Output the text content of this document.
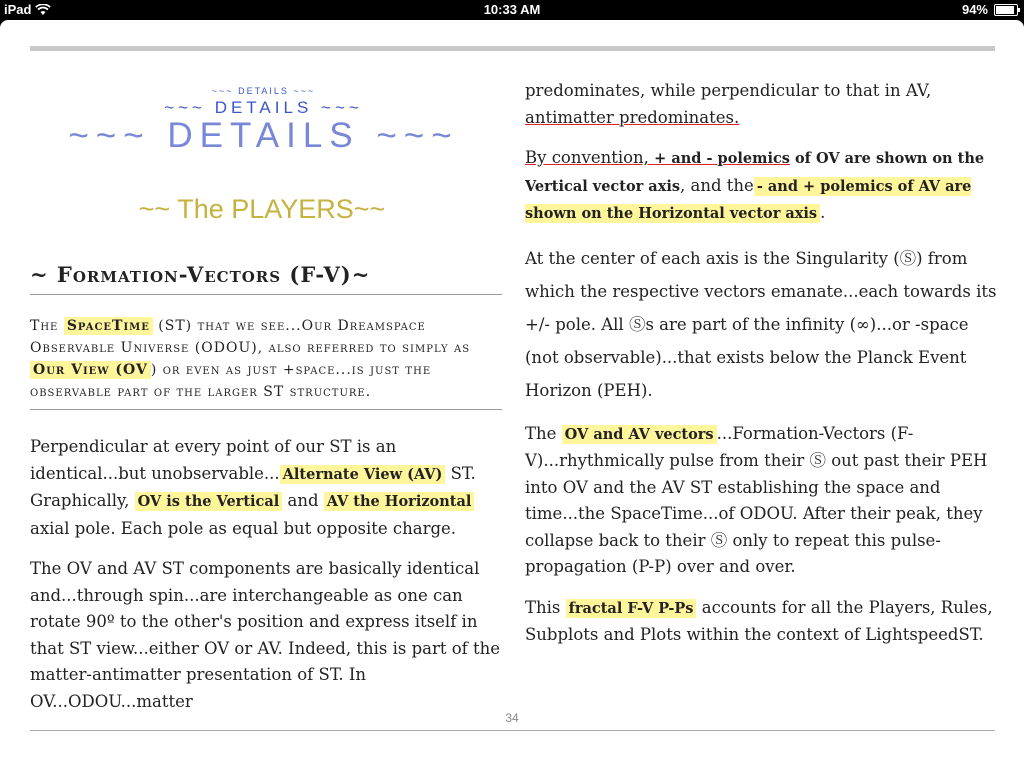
iPad	10:33 AM	94%
~~~ DETAILS ~~~
~~~ DETAILS ~~~
~~~ DETAILS ~~~
~~ The PLAYERS~~
~ Formation-Vectors (F-V)~
The SpaceTime (ST) that we see...Our Dreamspace Observable Universe (ODOU), also referred to simply as Our View (OV ) or even as just +space...is just the observable part of the larger ST structure.
Perpendicular at every point of our ST is an identical...but unobservable... Alternate View (AV) ST. Graphically, OV is the Vertical and AV the Horizontal axial pole. Each pole as equal but opposite charge.
The OV and AV ST components are basically identical and...through spin...are interchangeable as one can rotate 90º to the other's position and express itself in that ST view...either OV or AV. Indeed, this is part of the matter-antimatter presentation of ST. In OV...ODOU...matter
predominates, while perpendicular to that in AV, antimatter predominates.
By convention, + and - polemics of OV are shown on the Vertical vector axis, and the - and + polemics of AV are shown on the Horizontal vector axis .
At the center of each axis is the Singularity (Ⓢ) from which the respective vectors emanate...each towards its +/- pole. All Ⓢs are part of the infinity (∞)...or -space (not observable)...that exists below the Planck Event Horizon (PEH).
The OV and AV vectors ...Formation-Vectors (F-V)...rhythmically pulse from their Ⓢ out past their PEH into OV and the AV ST establishing the space and time...the SpaceTime...of ODOU. After their peak, they collapse back to their Ⓢ only to repeat this pulse-propagation (P-P) over and over.
This fractal F-V P-Ps accounts for all the Players, Rules, Subplots and Plots within the context of LightspeedST.
34
